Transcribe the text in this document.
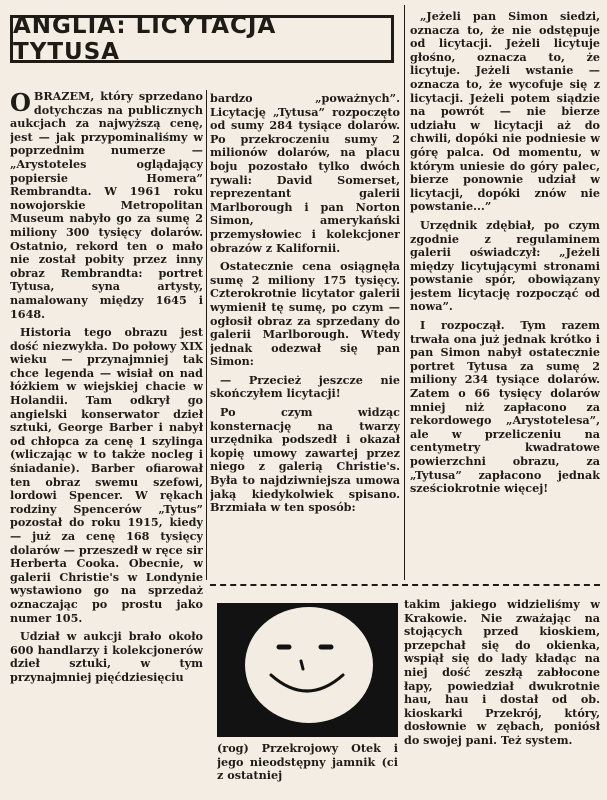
ANGLIA: LICYTACJA TYTUSA

OBRAZEM, który sprzedano dotychczas na publicznych aukcjach za najwyższą cenę, jest — jak przypominaliśmy w poprzednim numerze — „Arystoteles oglądający popiersie Homera” Rembrandta. W 1961 roku nowojorskie Metropolitan Museum nabyło go za sumę 2 miliony 300 tysięcy dolarów. Ostatnio, rekord ten o mało nie został pobity przez inny obraz Rembrandta: portret Tytusa, syna artysty, namalowany między 1645 i 1648.

Historia tego obrazu jest dość niezwykła. Do połowy XIX wieku — przynajmniej tak chce legenda — wisiał on nad łóżkiem w wiejskiej chacie w Holandii. Tam odkrył go angielski konserwator dzieł sztuki, George Barber i nabył od chłopca za cenę 1 szylinga (wliczając w to także nocleg i śniadanie). Barber ofiarował ten obraz swemu szefowi, lordowi Spencer. W rękach rodziny Spencerów „Tytus” pozostał do roku 1915, kiedy — już za cenę 168 tysięcy dolarów — przeszedł w ręce sir Herberta Cooka. Obecnie, w galerii Christie's w Londynie wystawiono go na sprzedaż oznaczając po prostu jako numer 105.

Udział w aukcji brało około 600 handlarzy i kolekcjonerów dzieł sztuki, w tym przynajmniej pięćdziesięciu

bardzo „poważnych”. Licytację „Tytusa” rozpoczęto od sumy 284 tysiące dolarów. Po przekroczeniu sumy 2 milionów dolarów, na placu boju pozostało tylko dwóch rywali: David Somerset, reprezentant galerii Marlborough i pan Norton Simon, amerykański przemysłowiec i kolekcjoner obrazów z Kalifornii.

Ostatecznie cena osiągnęła sumę 2 miliony 175 tysięcy. Czterokrotnie licytator galerii wymienił tę sumę, po czym — ogłosił obraz za sprzedany do galerii Marlborough. Wtedy jednak odezwał się pan Simon:

— Przecież jeszcze nie skończyłem licytacji!

Po czym widząc konsternację na twarzy urzędnika podszedł i okazał kopię umowy zawartej przez niego z galerią Christie's. Była to najdziwniejsza umowa jaką kiedykolwiek spisano. Brzmiała w ten sposób:

„Jeżeli pan Simon siedzi, oznacza to, że nie odstępuje od licytacji. Jeżeli licytuje głośno, oznacza to, że licytuje. Jeżeli wstanie — oznacza to, że wycofuje się z licytacji. Jeżeli potem siądzie na powrót — nie bierze udziału w licytacji aż do chwili, dopóki nie podniesie w górę palca. Od momentu, w którym uniesie do góry palec, bierze ponownie udział w licytacji, dopóki znów nie powstanie...”

Urzędnik zdębiał, po czym zgodnie z regulaminem galerii oświadczył: „Jeżeli między licytującymi stronami powstanie spór, obowiązany jestem licytację rozpocząć od nowa”.

I rozpoczął. Tym razem trwała ona już jednak krótko i pan Simon nabył ostatecznie portret Tytusa za sumę 2 miliony 234 tysiące dolarów. Zatem o 66 tysięcy dolarów mniej niż zapłacono za rekordowego „Arystotelesa”, ale w przeliczeniu na centymetry kwadratowe powierzchni obrazu, za „Tytusa” zapłacono jednak sześciokrotnie więcej!

(rog) Przekrojowy Otek i jego nieodstępny jamnik (ci z ostatniej

takim jakiego widzieliśmy w Krakowie. Nie zważając na stojących przed kioskiem, przepchał się do okienka, wspiął się do lady kładąc na niej dość zeszłą zabłocone łapy, powiedział dwukrotnie hau, hau i dostał od ob. kioskarki Przekrój, który, dosłownie w zębach, poniósł do swojej pani. Też system.
